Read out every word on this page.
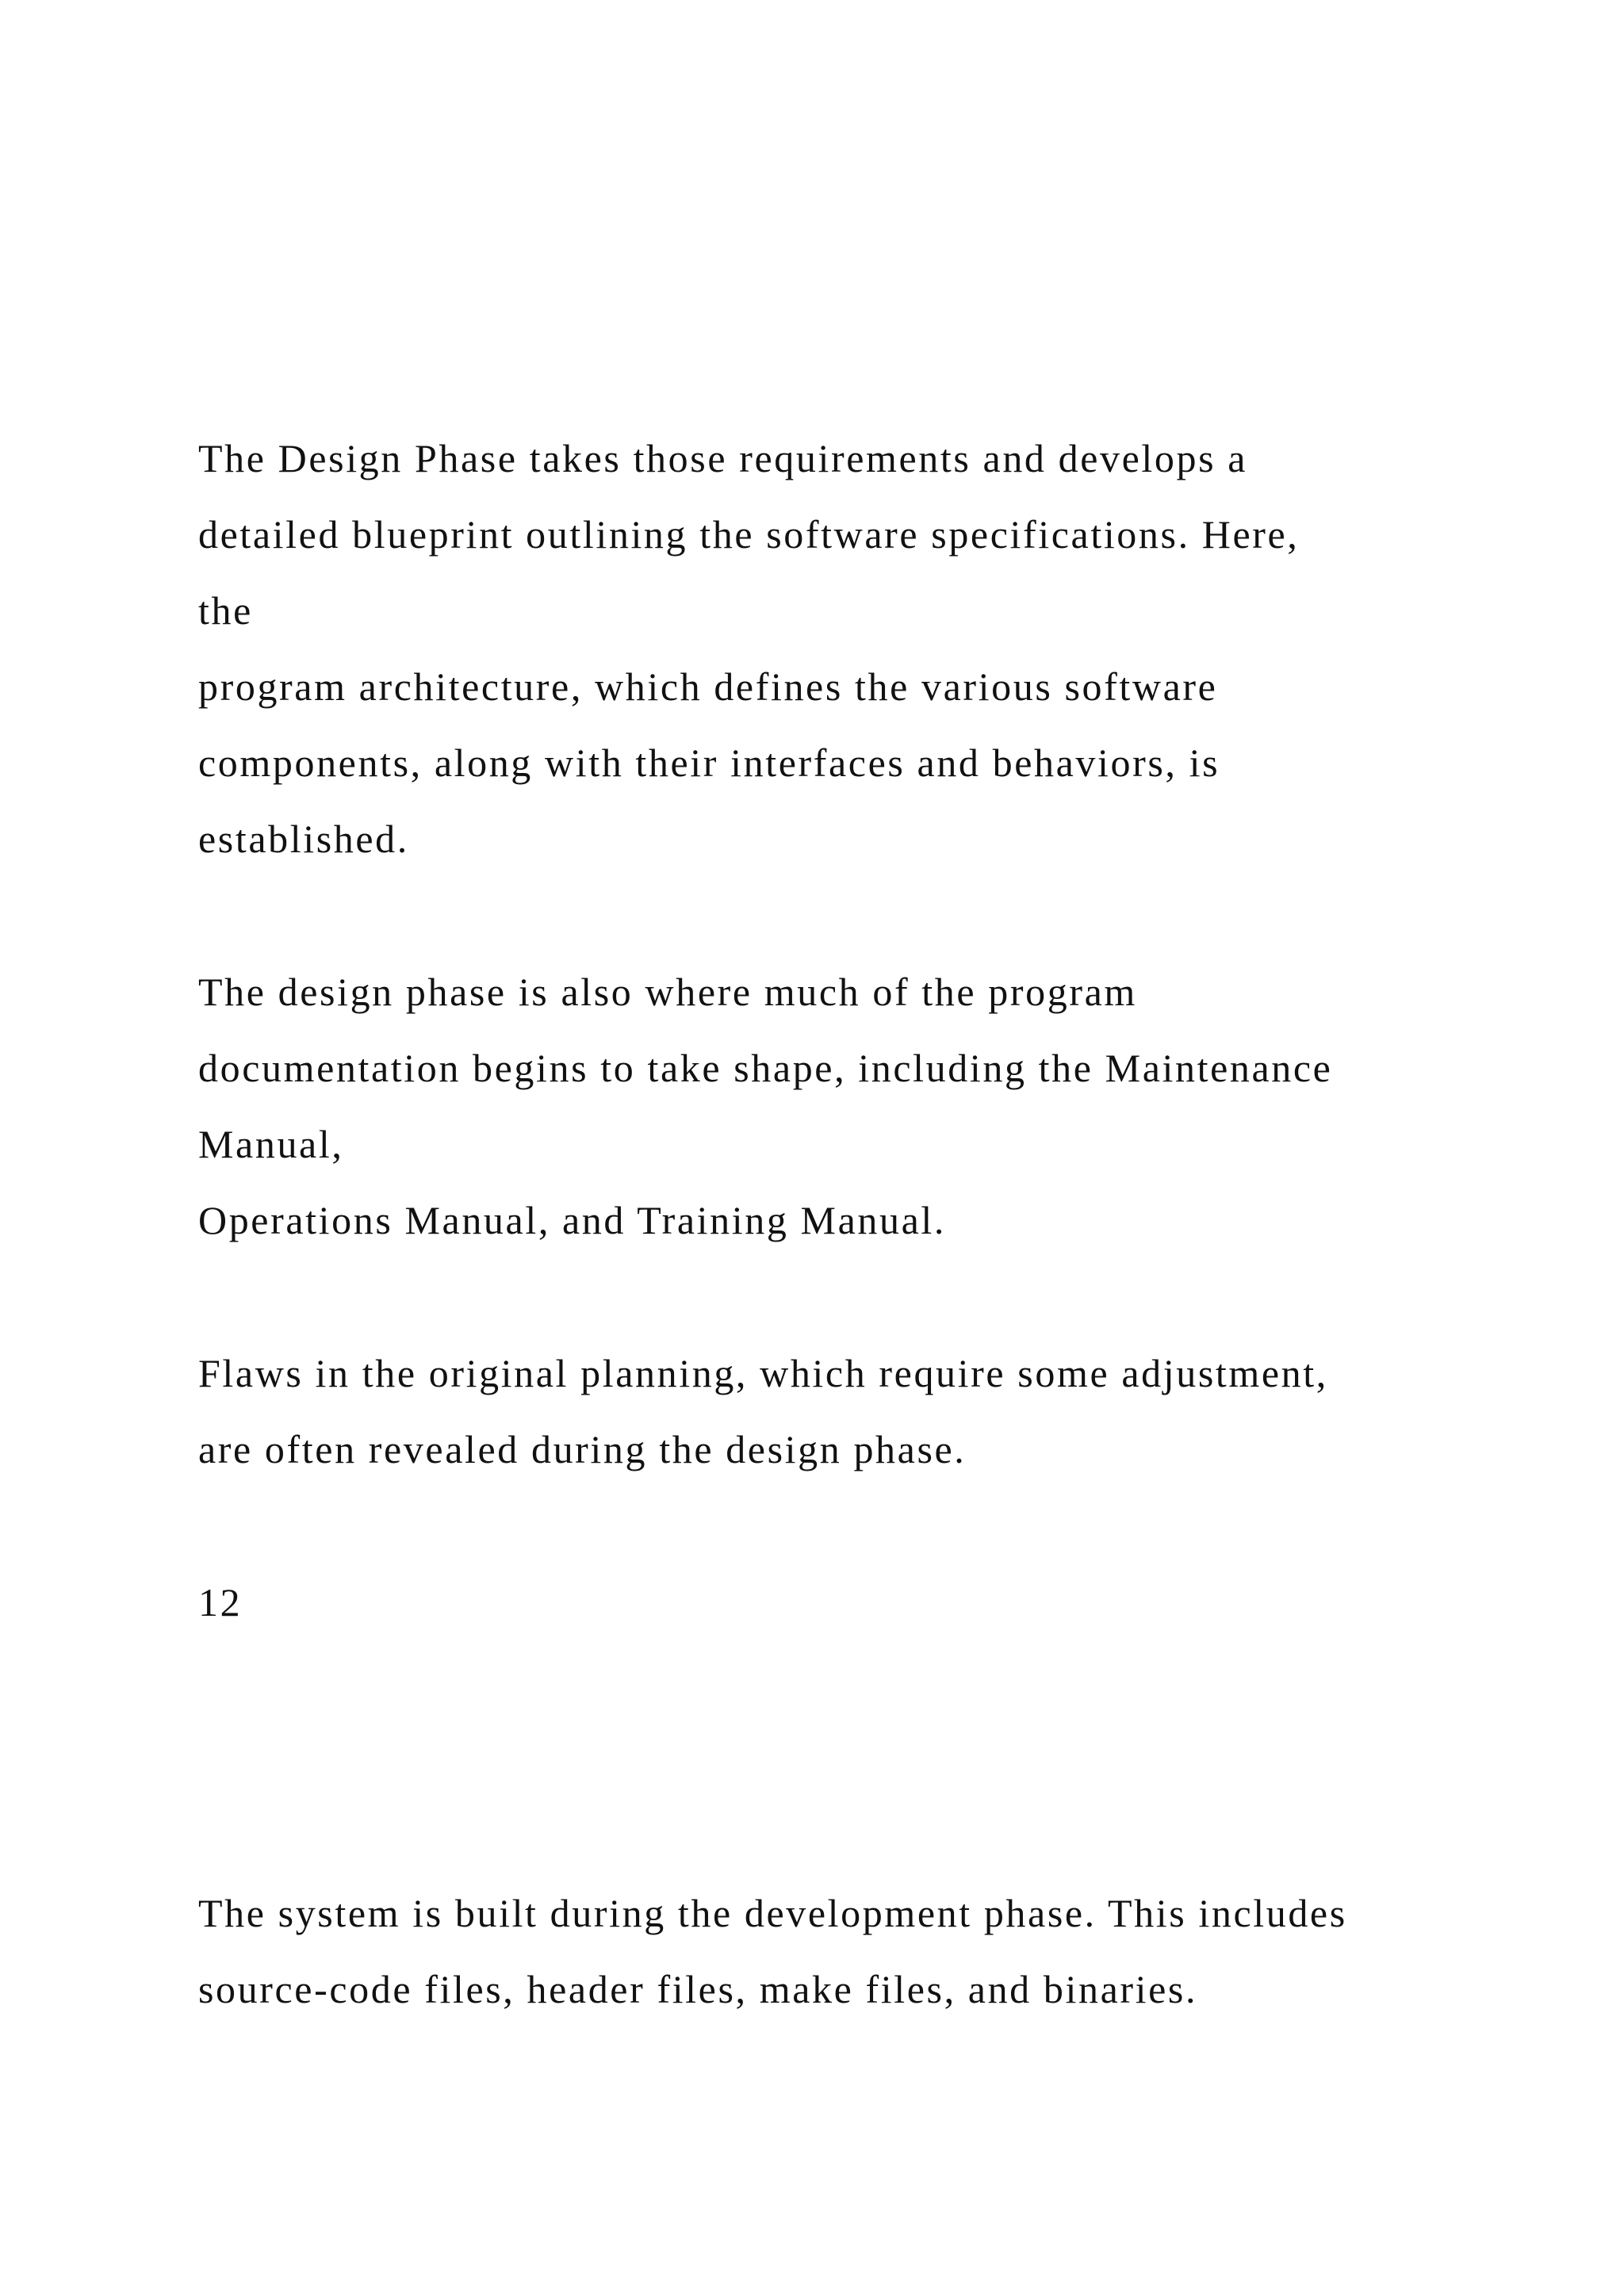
The Design Phase takes those requirements and develops a

detailed blueprint outlining the software specifications. Here,

the

program architecture, which defines the various software

components, along with their interfaces and behaviors, is

established.

The design phase is also where much of the program

documentation begins to take shape, including the Maintenance

Manual,

Operations Manual, and Training Manual.

Flaws in the original planning, which require some adjustment,

are often revealed during the design phase.

12

The system is built during the development phase. This includes

source-code files, header files, make files, and binaries.
